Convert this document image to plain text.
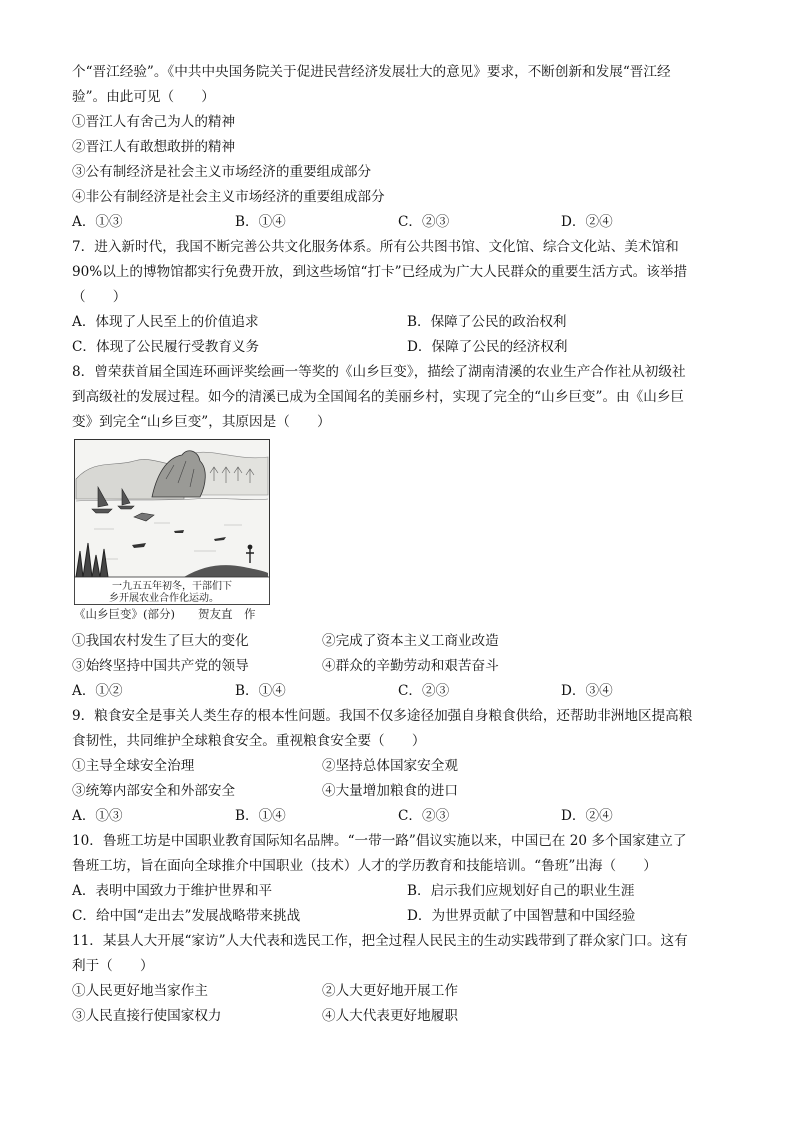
个“晋江经验”。《中共中央国务院关于促进民营经济发展壮大的意见》要求，不断创新和发展“晋江经
验”。由此可见（　　）
①晋江人有舍己为人的精神
②晋江人有敢想敢拼的精神
③公有制经济是社会主义市场经济的重要组成部分
④非公有制经济是社会主义市场经济的重要组成部分
A．①③	B．①④	C．②③	D．②④
7．进入新时代，我国不断完善公共文化服务体系。所有公共图书馆、文化馆、综合文化站、美术馆和
90%以上的博物馆都实行免费开放，到这些场馆“打卡”已经成为广大人民群众的重要生活方式。该举措
（　　）
A．体现了人民至上的价值追求	B．保障了公民的政治权利
C．体现了公民履行受教育义务	D．保障了公民的经济权利
8．曾荣获首届全国连环画评奖绘画一等奖的《山乡巨变》，描绘了湖南清溪的农业生产合作社从初级社
到高级社的发展过程。如今的清溪已成为全国闻名的美丽乡村，实现了完全的“山乡巨变”。由《山乡巨
变》到完全“山乡巨变”，其原因是（　　）
一九五五年初冬，干部们下
乡开展农业合作化运动。
《山乡巨变》(部分)　　贺友直　作
①我国农村发生了巨大的变化	②完成了资本主义工商业改造
③始终坚持中国共产党的领导	④群众的辛勤劳动和艰苦奋斗
A．①②	B．①④	C．②③	D．③④
9．粮食安全是事关人类生存的根本性问题。我国不仅多途径加强自身粮食供给，还帮助非洲地区提高粮
食韧性，共同维护全球粮食安全。重视粮食安全要（　　）
①主导全球安全治理	②坚持总体国家安全观
③统筹内部安全和外部安全	④大量增加粮食的进口
A．①③	B．①④	C．②③	D．②④
10．鲁班工坊是中国职业教育国际知名品牌。“一带一路”倡议实施以来，中国已在 20 多个国家建立了
鲁班工坊，旨在面向全球推介中国职业（技术）人才的学历教育和技能培训。“鲁班”出海（　　）
A．表明中国致力于维护世界和平	B．启示我们应规划好自己的职业生涯
C．给中国“走出去”发展战略带来挑战	D．为世界贡献了中国智慧和中国经验
11．某县人大开展“家访”人大代表和选民工作，把全过程人民民主的生动实践带到了群众家门口。这有
利于（　　）
①人民更好地当家作主	②人大更好地开展工作
③人民直接行使国家权力	④人大代表更好地履职
